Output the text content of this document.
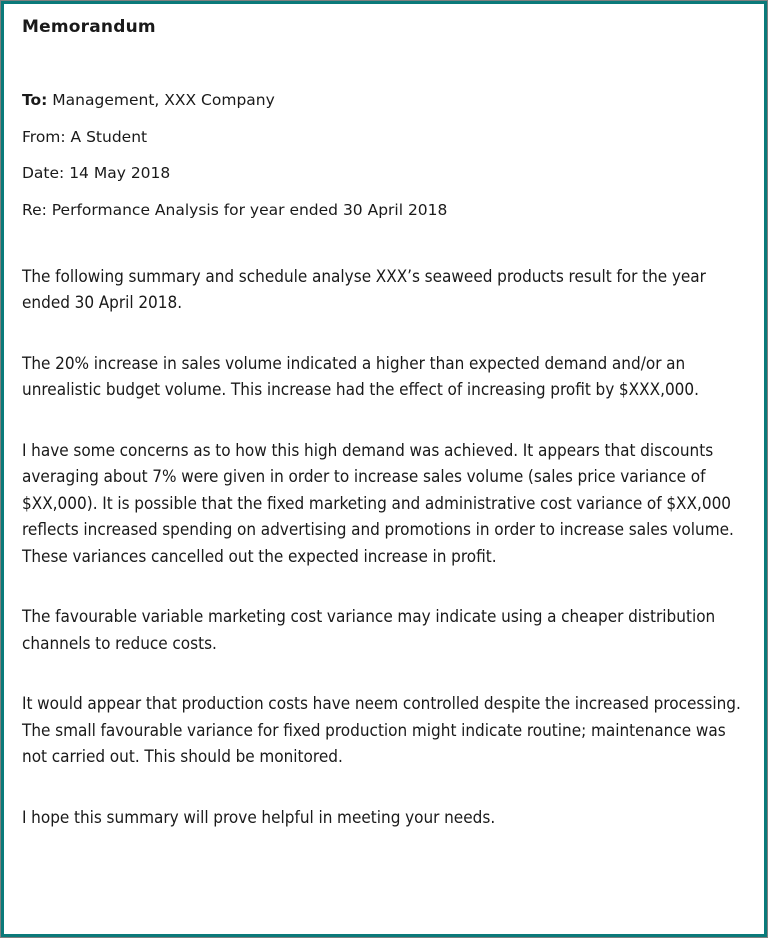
Memorandum

To: Management, XXX Company

From: A Student

Date: 14 May 2018

Re: Performance Analysis for year ended 30 April 2018

The following summary and schedule analyse XXX’s seaweed products result for the year ended 30 April 2018.

The 20% increase in sales volume indicated a higher than expected demand and/or an unrealistic budget volume. This increase had the effect of increasing profit by $XXX,000.

I have some concerns as to how this high demand was achieved. It appears that discounts averaging about 7% were given in order to increase sales volume (sales price variance of $XX,000). It is possible that the fixed marketing and administrative cost variance of $XX,000 reflects increased spending on advertising and promotions in order to increase sales volume. These variances cancelled out the expected increase in profit.

The favourable variable marketing cost variance may indicate using a cheaper distribution channels to reduce costs.

It would appear that production costs have neem controlled despite the increased processing. The small favourable variance for fixed production might indicate routine; maintenance was not carried out. This should be monitored.

I hope this summary will prove helpful in meeting your needs.
